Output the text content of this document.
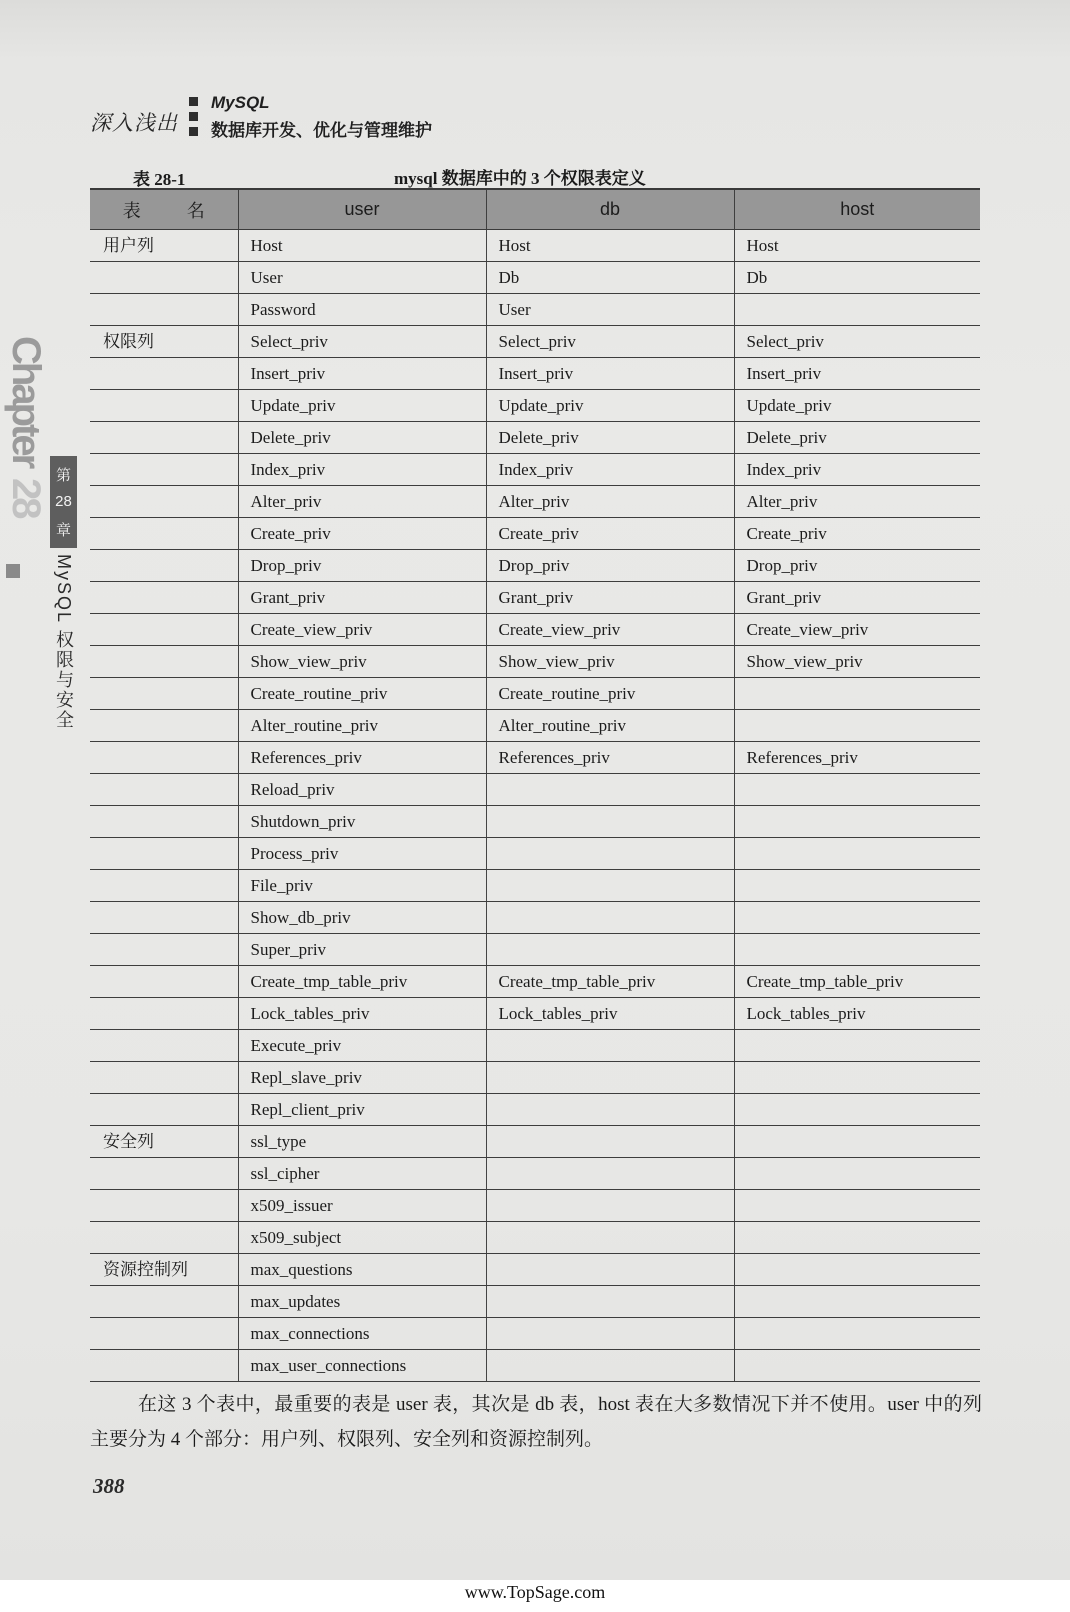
深入浅出
MySQL
数据库开发、优化与管理维护
Chapter28
第
28
章
MySQL 权限与安全
表 28-1	mysql 数据库中的 3 个权限表定义
表　名	user	db	host
用户列	Host	Host	Host
	User	Db	Db
	Password	User	
权限列	Select_priv	Select_priv	Select_priv
	Insert_priv	Insert_priv	Insert_priv
	Update_priv	Update_priv	Update_priv
	Delete_priv	Delete_priv	Delete_priv
	Index_priv	Index_priv	Index_priv
	Alter_priv	Alter_priv	Alter_priv
	Create_priv	Create_priv	Create_priv
	Drop_priv	Drop_priv	Drop_priv
	Grant_priv	Grant_priv	Grant_priv
	Create_view_priv	Create_view_priv	Create_view_priv
	Show_view_priv	Show_view_priv	Show_view_priv
	Create_routine_priv	Create_routine_priv	
	Alter_routine_priv	Alter_routine_priv	
	References_priv	References_priv	References_priv
	Reload_priv		
	Shutdown_priv		
	Process_priv		
	File_priv		
	Show_db_priv		
	Super_priv		
	Create_tmp_table_priv	Create_tmp_table_priv	Create_tmp_table_priv
	Lock_tables_priv	Lock_tables_priv	Lock_tables_priv
	Execute_priv		
	Repl_slave_priv		
	Repl_client_priv		
安全列	ssl_type		
	ssl_cipher		
	x509_issuer		
	x509_subject		
资源控制列	max_questions		
	max_updates		
	max_connections		
	max_user_connections		
在这 3 个表中，最重要的表是 user 表，其次是 db 表，host 表在大多数情况下并不使用。user 中的列主要分为 4 个部分：用户列、权限列、安全列和资源控制列。
388
www.TopSage.com
